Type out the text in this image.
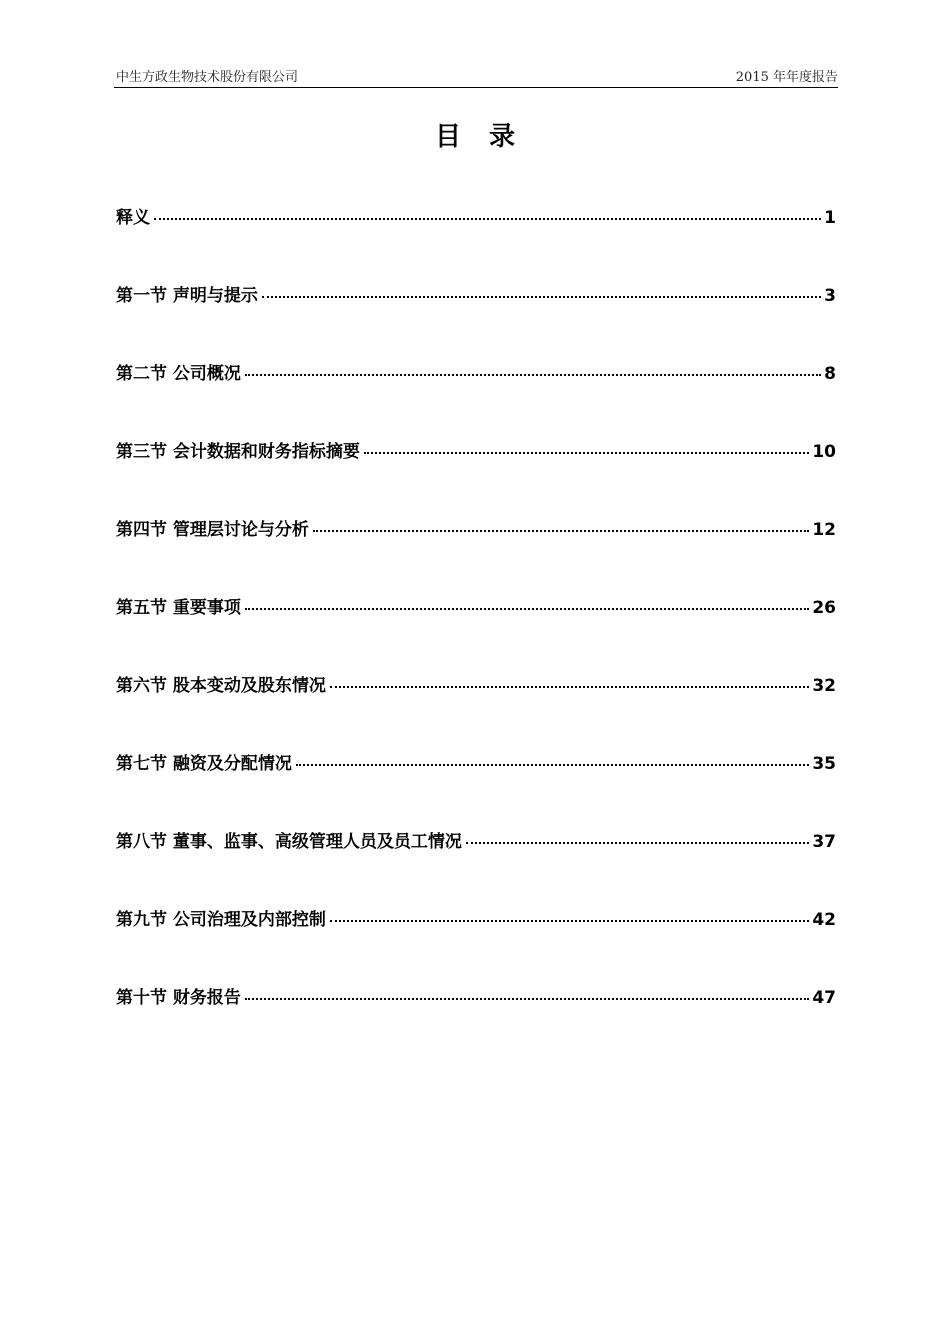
中生方政生物技术股份有限公司	2015 年年度报告
目录
释义	1
第一节 声明与提示	3
第二节 公司概况	8
第三节 会计数据和财务指标摘要	10
第四节 管理层讨论与分析	12
第五节 重要事项	26
第六节 股本变动及股东情况	32
第七节 融资及分配情况	35
第八节 董事、监事、高级管理人员及员工情况	37
第九节 公司治理及内部控制	42
第十节 财务报告	47
